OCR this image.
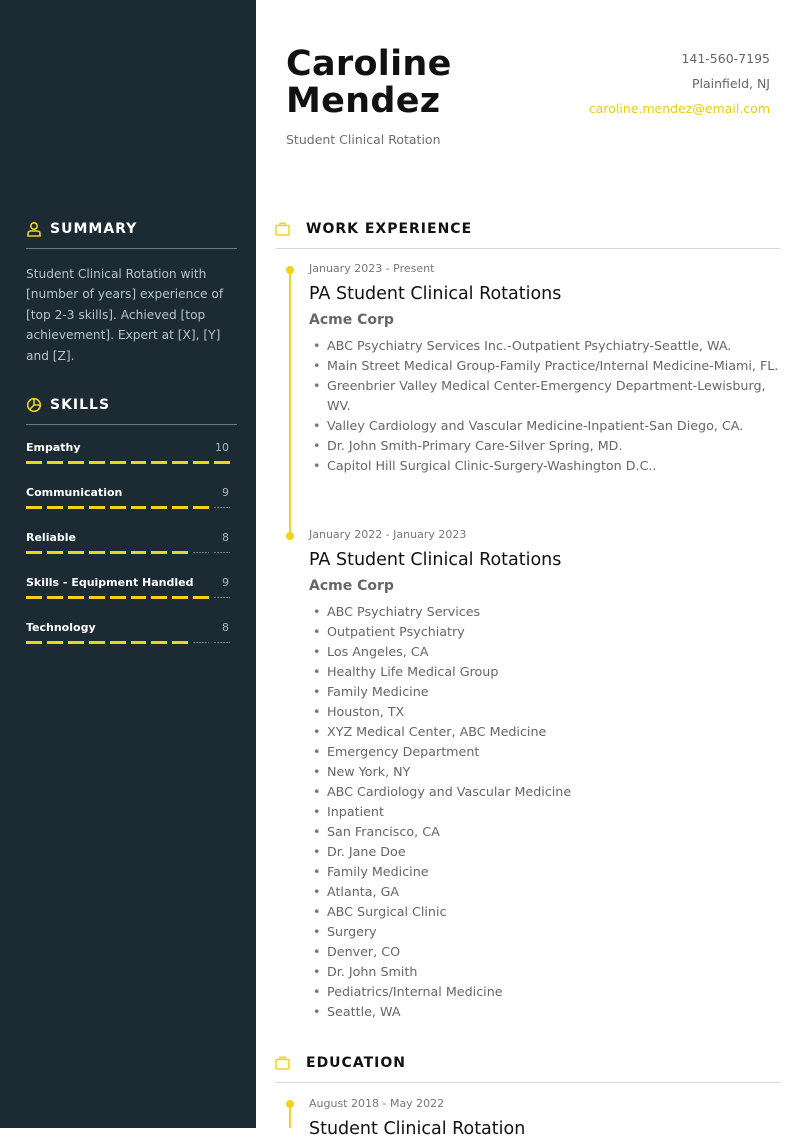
SUMMARY

Student Clinical Rotation with [number of years] experience of [top 2-3 skills]. Achieved [top achievement]. Expert at [X], [Y] and [Z].

SKILLS
Empathy	10
Communication	9
Reliable	8
Skills - Equipment Handled	9
Technology	8
Caroline
Mendez
Student Clinical Rotation
141-560-7195
Plainfield, NJ
caroline.mendez@email.com
WORK EXPERIENCE
January 2023 - Present
PA Student Clinical Rotations
Acme Corp
• ABC Psychiatry Services Inc.-Outpatient Psychiatry-Seattle, WA.
• Main Street Medical Group-Family Practice/Internal Medicine-Miami, FL.
• Greenbrier Valley Medical Center-Emergency Department-Lewisburg, WV.
• Valley Cardiology and Vascular Medicine-Inpatient-San Diego, CA.
• Dr. John Smith-Primary Care-Silver Spring, MD.
• Capitol Hill Surgical Clinic-Surgery-Washington D.C..
January 2022 - January 2023
PA Student Clinical Rotations
Acme Corp
• ABC Psychiatry Services
• Outpatient Psychiatry
• Los Angeles, CA
• Healthy Life Medical Group
• Family Medicine
• Houston, TX
• XYZ Medical Center, ABC Medicine
• Emergency Department
• New York, NY
• ABC Cardiology and Vascular Medicine
• Inpatient
• San Francisco, CA
• Dr. Jane Doe
• Family Medicine
• Atlanta, GA
• ABC Surgical Clinic
• Surgery
• Denver, CO
• Dr. John Smith
• Pediatrics/Internal Medicine
• Seattle, WA
EDUCATION
August 2018 - May 2022
Student Clinical Rotation
